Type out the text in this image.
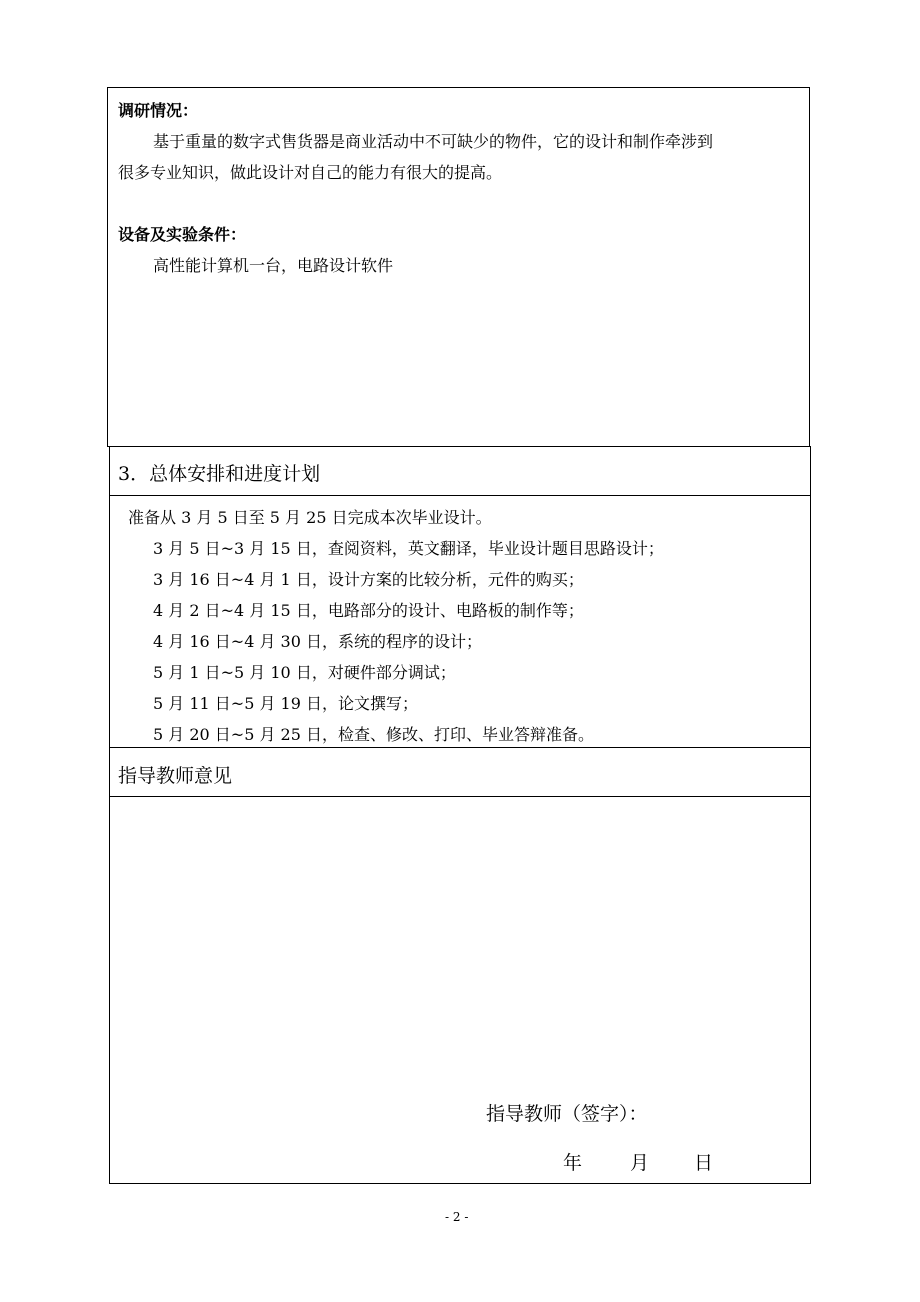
调研情况：
基于重量的数字式售货器是商业活动中不可缺少的物件，它的设计和制作牵涉到
很多专业知识，做此设计对自己的能力有很大的提高。
设备及实验条件：
高性能计算机一台，电路设计软件
3．总体安排和进度计划
准备从 3 月 5 日至 5 月 25 日完成本次毕业设计。
3 月 5 日~3 月 15 日，查阅资料，英文翻译，毕业设计题目思路设计；
3 月 16 日~4 月 1 日，设计方案的比较分析，元件的购买；
4 月 2 日~4 月 15 日，电路部分的设计、电路板的制作等；
4 月 16 日~4 月 30 日，系统的程序的设计；
5 月 1 日~5 月 10 日，对硬件部分调试；
5 月 11 日~5 月 19 日，论文撰写；
5 月 20 日~5 月 25 日，检查、修改、打印、毕业答辩准备。
指导教师意见
指导教师（签字）：
年	月 日
- 2 -
